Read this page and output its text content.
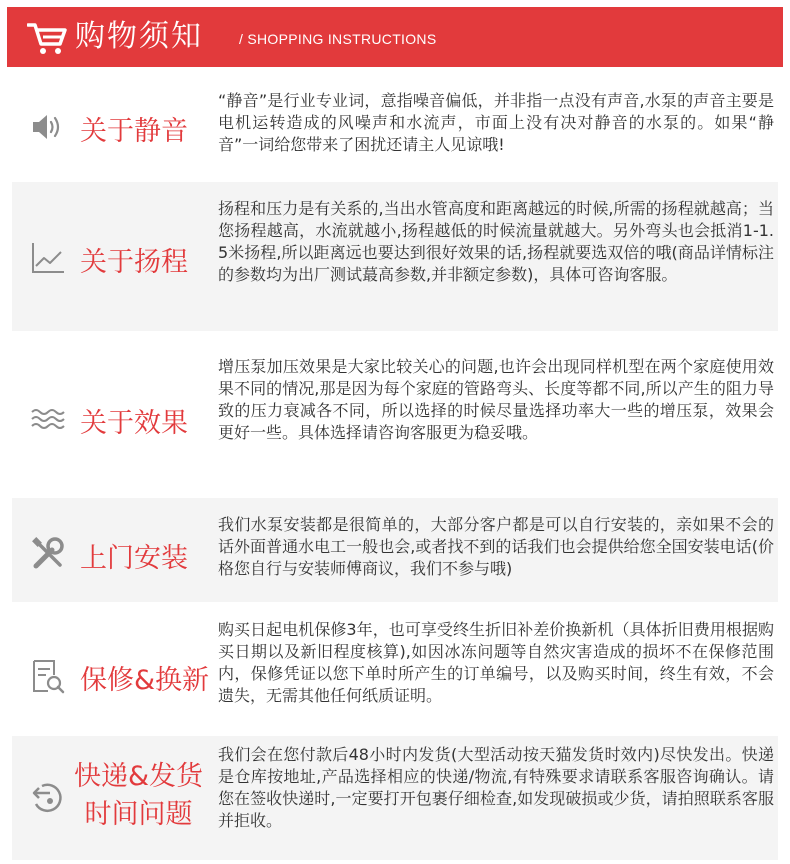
购物须知	/ SHOPPING INSTRUCTIONS
关于静音
“静音”是行业专业词，意指噪音偏低，并非指一点没有声音,水泵的声音主要是电机运转造成的风噪声和水流声，市面上没有决对静音的水泵的。如果“静音”一词给您带来了困扰还请主人见谅哦!
关于扬程
扬程和压力是有关系的,当出水管高度和距离越远的时候,所需的扬程就越高；当您扬程越高，水流就越小,扬程越低的时候流量就越大。另外弯头也会抵消1-1.5米扬程,所以距离远也要达到很好效果的话,扬程就要选双倍的哦(商品详情标注的参数均为出厂测试蕞高参数,并非额定参数)，具体可咨询客服。
关于效果
增压泵加压效果是大家比较关心的问题,也许会出现同样机型在两个家庭使用效果不同的情况,那是因为每个家庭的管路弯头、长度等都不同,所以产生的阻力导致的压力衰减各不同，所以选择的时候尽量选择功率大一些的增压泵，效果会更好一些。具体选择请咨询客服更为稳妥哦。
上门安装
我们水泵安装都是很简单的，大部分客户都是可以自行安装的，亲如果不会的话外面普通水电工一般也会,或者找不到的话我们也会提供给您全国安装电话(价格您自行与安装师傅商议，我们不参与哦)
保修&换新
购买日起电机保修3年，也可享受终生折旧补差价换新机（具体折旧费用根据购买日期以及新旧程度核算),如因冰冻问题等自然灾害造成的损坏不在保修范围内，保修凭证以您下单时所产生的订单编号，以及购买时间，终生有效，不会遗失，无需其他任何纸质证明。
快递&发货
时间问题
我们会在您付款后48小时内发货(大型活动按天猫发货时效内)尽快发出。快递是仓库按地址,产品选择相应的快递/物流,有特殊要求请联系客服咨询确认。请您在签收快递时,一定要打开包裹仔细检查,如发现破损或少货，请拍照联系客服并拒收。
